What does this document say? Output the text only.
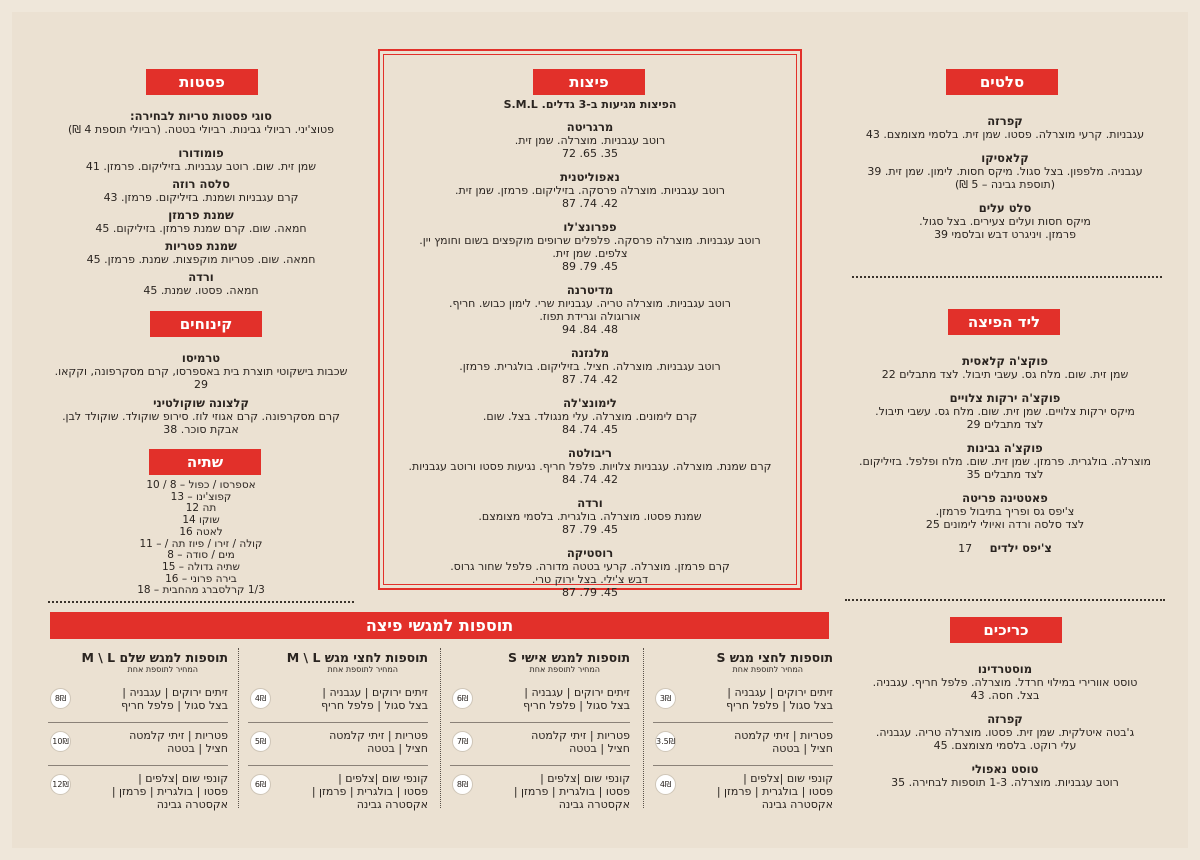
סלטים
קפרזה
עגבניות. קרעי מוצרלה. פסטו. שמן זית. בלסמי מצומצם. 43
קלאסיקו
עגבניה. מלפפון. בצל סגול. מיקס חסות. לימון. שמן זית. 39
(תוספת גבינה – 5 ₪)
סלט עלים
מיקס חסות ועלים צעירים. בצל סגול.
פרמזן. ויניגרט דבש ובלסמי 39
ליד הפיצה
פוקצ'ה קלאסית
שמן זית. שום. מלח גס. עשבי תיבול. לצד מתבלים 22
פוקצ'ה ירקות צלויים
מיקס ירקות צלויים. שמן זית. שום. מלח גס. עשבי תיבול.
לצד מתבלים 29
פוקצ'ה גבינות
מוצרלה. בולגרית. פרמזן. שמן זית. שום. מלח ופלפל. בזיליקום.
לצד מתבלים 35
פאטטינה פריטה
צ'יפס גס ופריך בתיבול פרמזן.
לצד סלסה ורדה ואיולי לימונים 25
צ'יפס ילדים 17
כריכים
מוסטרדינו
טוסט אוורירי במילוי חרדל. מוצרלה. פלפל חריף. עגבניה.
בצל. חסה. 43
קפרזה
ג'בטה איטלקית. שמן זית. פסטו. מוצרלה טריה. עגבניה.
עלי רוקט. בלסמי מצומצם. 45
טוסט נאפולי
רוטב עגבניות. מוצרלה. 1-3 תוספות לבחירה. 35
פיצות
הפיצות מגיעות ב-3 גדלים. S.M.L
מרגריטה
רוטב עגבניות. מוצרלה. שמן זית.
35. 65. 72
נאפוליטנית
רוטב עגבניות. מוצרלה פרסקה. בזיליקום. פרמזן. שמן זית.
42. 74. 87
פפרונצ'לו
רוטב עגבניות. מוצרלה פרסקה. פלפלים שרופים מוקפצים בשום וחומץ יין.
צלפים. שמן זית.
45. 79. 89
מדיטרנה
רוטב עגבניות. מוצרלה טריה. עגבניות שרי. לימון כבוש. חריף.
אורוגולה וגרידת תפוז.
48. 84. 94
מלנזנה
רוטב עגבניות. מוצרלה. חציל. בזיליקום. בולגרית. פרמזן.
42. 74. 87
לימונצ'לה
קרם לימונים. מוצרלה. עלי מנגולד. בצל. שום.
45. 74. 84
ריבולטה
קרם שמנת. מוצרלה. עגבניות צלויות. פלפל חריף. נגיעות פסטו ורוטב עגבניות.
42. 74. 84
ורדה
שמנת פסטו. מוצרלה. בולגרית. בלסמי מצומצם.
45. 79. 87
רוסטיקה
קרם פרמזן. מוצרלה. קרעי בטטה מדורה. פלפל שחור גרוס.
דבש צ'ילי. בצל ירוק טרי.
45. 79. 87
פסטות
סוגי פסטות טריות לבחירה:
פטוצ'יני. רביולי גבינות. רביולי בטטה. (רביולי תוספת 4 ₪)
פומודורו
שמן זית. שום. רוטב עגבניות. בזיליקום. פרמזן. 41
סלסה רוזה
קרם עגבניות ושמנת. בזיליקום. פרמזן. 43
שמנת פרמזן
חמאה. שום. קרם שמנת פרמזן. בזיליקום. 45
שמנת פטריות
חמאה. שום. פטריות מוקפצות. שמנת. פרמזן. 45
ורדה
חמאה. פסטו. שמנת. 45
קינוחים
טרמיסו
שכבות בישקוטי תוצרת בית באספרסו, קרם מסקרפונה, וקקאו.
29
קלצונה שוקולטיני
קרם מסקרפונה. קרם אגוזי לוז. סירופ שוקולד. שוקולד לבן.
אבקת סוכר. 38
שתיה
אספרסו / כפול – 8 / 10
קפוצ'ינו – 13
תה 12
שוקו 14
לאטה 16
קולה / זירו / פיוז תה / – 11
מים / סודה – 8
שתיה גדולה – 15
בירה פרוני – 16
1/3 קרלסברג מהחבית – 18
תוספות למגשי פיצה
תוספות לחצי מגש S
המחיר לתוספת אחת
זיתים ירוקים | עגבניה |
בצל סגול | פלפל חריף
3₪
פטריות | זיתי קלמטה
חציל | בטטה
3.5₪
קונפי שום |צלפים |
פסטו | בולגרית | פרמזן |
אקסטרה גבינה
4₪
תוספות למגש אישי S
המחיר לתוספת אחת
זיתים ירוקים | עגבניה |
בצל סגול | פלפל חריף
6₪
פטריות | זיתי קלמטה
חציל | בטטה
7₪
קונפי שום |צלפים |
פסטו | בולגרית | פרמזן |
אקסטרה גבינה
8₪
תוספות לחצי מגש M \ L
המחיר לתוספת אחת
זיתים ירוקים | עגבניה |
בצל סגול | פלפל חריף
4₪
פטריות | זיתי קלמטה
חציל | בטטה
5₪
קונפי שום |צלפים |
פסטו | בולגרית | פרמזן |
אקסטרה גבינה
6₪
תוספות למגש שלם M \ L
המחיר לתוספת אחת
זיתים ירוקים | עגבניה |
בצל סגול | פלפל חריף
8₪
פטריות | זיתי קלמטה
חציל | בטטה
10₪
קונפי שום |צלפים |
פסטו | בולגרית | פרמזן |
אקסטרה גבינה
12₪
